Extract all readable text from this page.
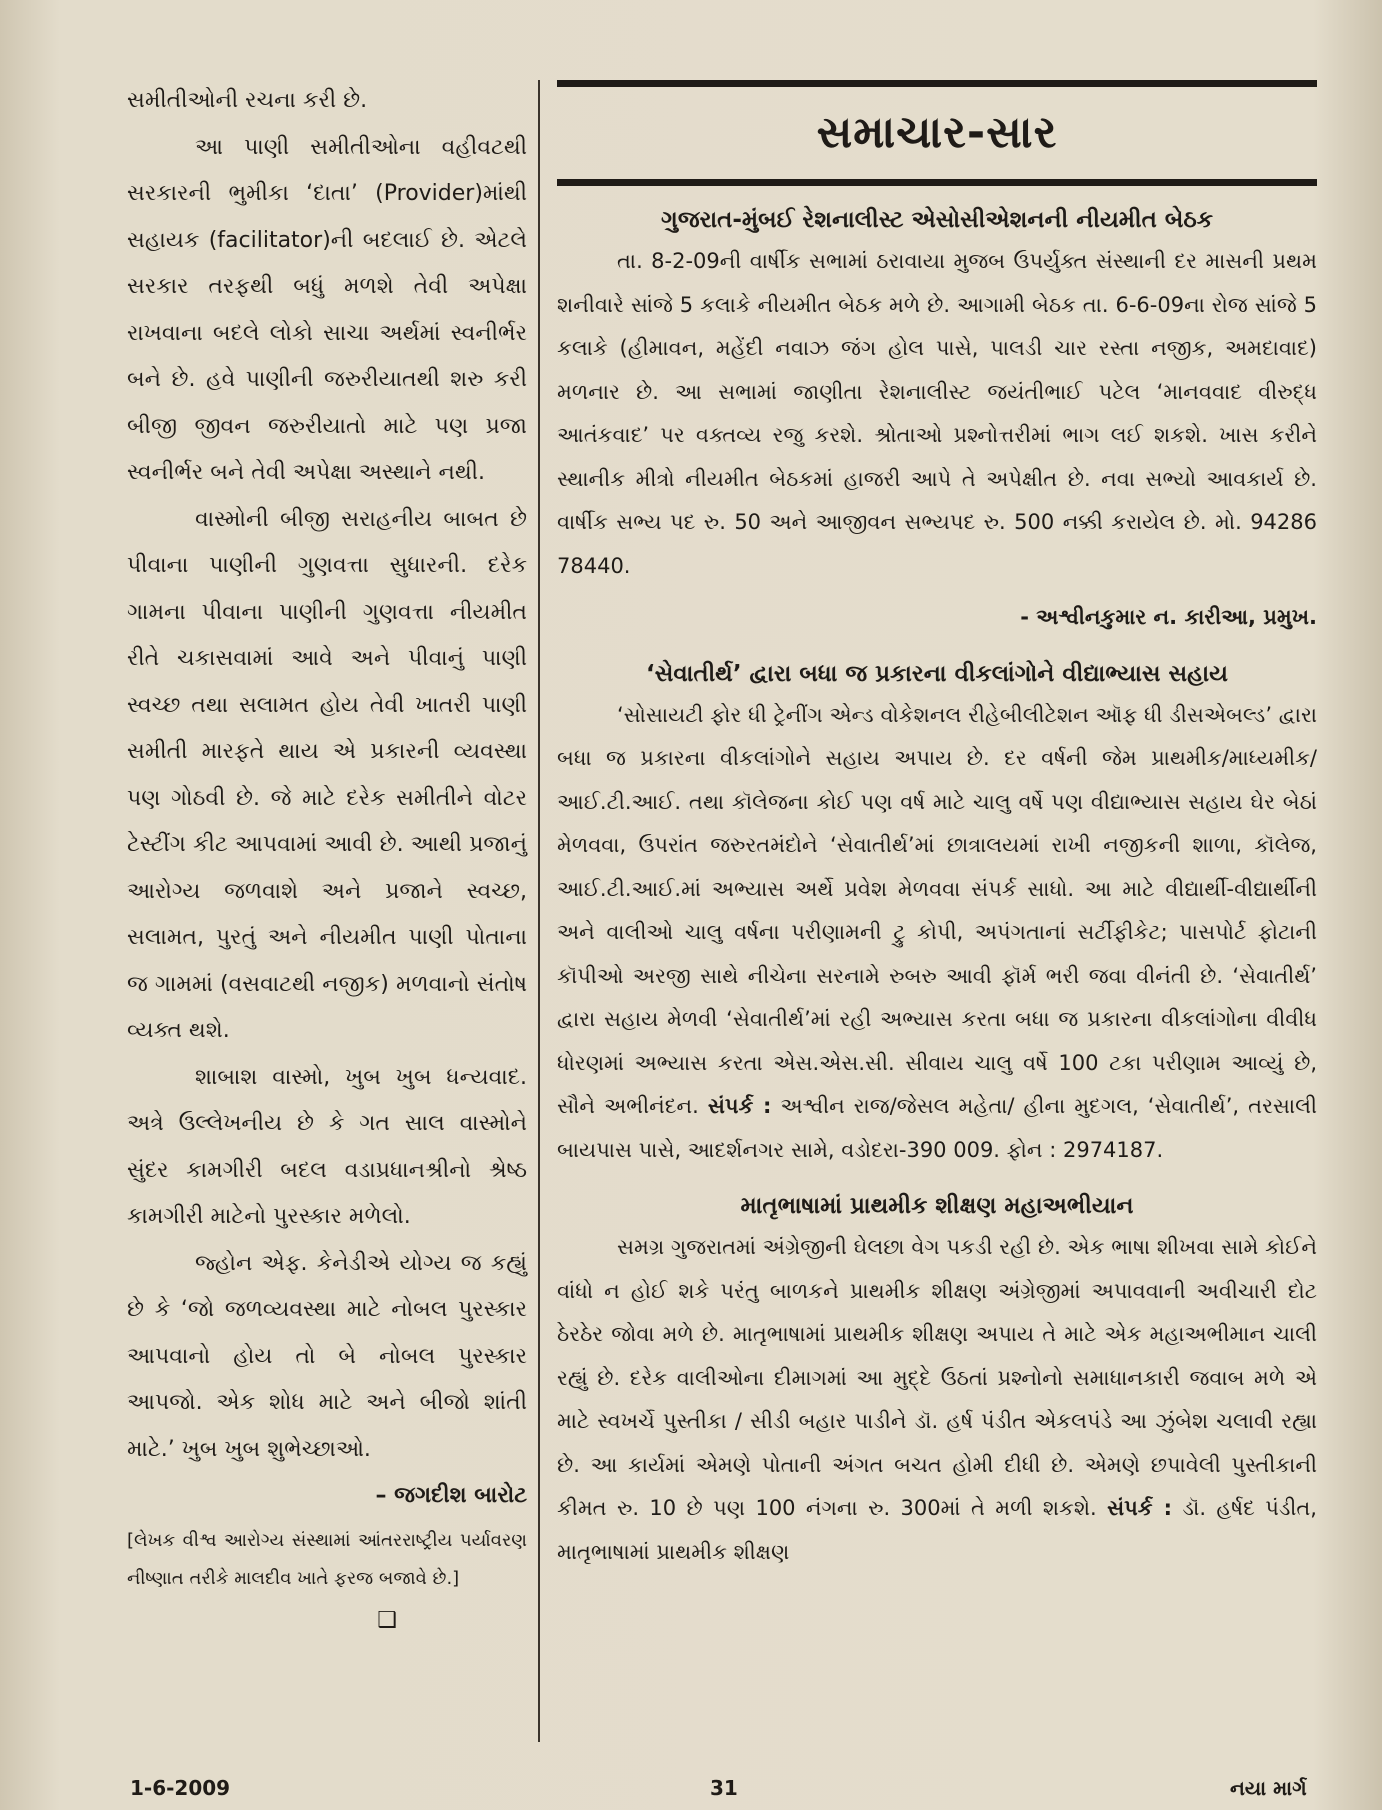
સમીતીઓની રચના કરી છે.

આ પાણી સમીતીઓના વહીવટથી સરકારની ભુમીકા ‘દાતા’ (Provider)માંથી સહાયક (facilitator)ની બદલાઈ છે. એટલે સરકાર તરફથી બધું મળશે તેવી અપેક્ષા રાખવાના બદલે લોકો સાચા અર્થમાં સ્વનીર્ભર બને છે. હવે પાણીની જરુરીયાતથી શરુ કરી બીજી જીવન જરુરીયાતો માટે પણ પ્રજા સ્વનીર્ભર બને તેવી અપેક્ષા અસ્થાને નથી.

વાસ્મોની બીજી સરાહનીય બાબત છે પીવાના પાણીની ગુણવત્તા સુધારની. દરેક ગામના પીવાના પાણીની ગુણવત્તા નીયમીત રીતે ચકાસવામાં આવે અને પીવાનું પાણી સ્વચ્છ તથા સલામત હોય તેવી ખાતરી પાણી સમીતી મારફતે થાય એ પ્રકારની વ્યવસ્થા પણ ગોઠવી છે. જે માટે દરેક સમીતીને વોટર ટેસ્ટીંગ કીટ આપવામાં આવી છે. આથી પ્રજાનું આરોગ્ય જળવાશે અને પ્રજાને સ્વચ્છ, સલામત, પુરતું અને નીયમીત પાણી પોતાના જ ગામમાં (વસવાટથી નજીક) મળવાનો સંતોષ વ્યક્ત થશે.

શાબાશ વાસ્મો, ખુબ ખુબ ધન્યવાદ. અત્રે ઉલ્લેખનીય છે કે ગત સાલ વાસ્મોને સુંદર કામગીરી બદલ વડાપ્રધાનશ્રીનો શ્રેષ્ઠ કામગીરી માટેનો પુરસ્કાર મળેલો.

જ્હોન એફ. કેનેડીએ યોગ્ય જ કહ્યું છે કે ‘જો જળવ્યવસ્થા માટે નોબલ પુરસ્કાર આપવાનો હોય તો બે નોબલ પુરસ્કાર આપજો. એક શોધ માટે અને બીજો શાંતી માટે.’ ખુબ ખુબ શુભેચ્છાઓ.

– જગદીશ બારોટ

[લેખક વીશ્વ આરોગ્ય સંસ્થામાં આંતરરાષ્ટ્રીય પર્યાવરણ નીષ્ણાત તરીકે માલદીવ ખાતે ફરજ બજાવે છે.]

❑

સમાચાર-સાર
ગુજરાત-મુંબઈ રેશનાલીસ્ટ એસોસીએશનની નીયમીત બેઠક

તા. 8-2-09ની વાર્ષીક સભામાં ઠરાવાયા મુજબ ઉપર્યુક્ત સંસ્થાની દર માસની પ્રથમ શનીવારે સાંજે 5 કલાકે નીયમીત બેઠક મળે છે. આગામી બેઠક તા. 6-6-09ના રોજ સાંજે 5 કલાકે (હીમાવન, મહેંદી નવાઝ જંગ હોલ પાસે, પાલડી ચાર રસ્તા નજીક, અમદાવાદ) મળનાર છે. આ સભામાં જાણીતા રેશનાલીસ્ટ જયંતીભાઈ પટેલ ‘માનવવાદ વીરુદ્ધ આતંકવાદ’ પર વક્તવ્ય રજુ કરશે. શ્રોતાઓ પ્રશ્નોત્તરીમાં ભાગ લઈ શકશે. ખાસ કરીને સ્થાનીક મીત્રો નીયમીત બેઠકમાં હાજરી આપે તે અપેક્ષીત છે. નવા સભ્યો આવકાર્ય છે. વાર્ષીક સભ્ય પદ રુ. 50 અને આજીવન સભ્યપદ રુ. 500 નક્કી કરાયેલ છે. મો. 94286 78440.

- અશ્વીનકુમાર ન. કારીઆ, પ્રમુખ.

‘સેવાતીર્થ’ દ્વારા બધા જ પ્રકારના વીકલાંગોને વીદ્યાભ્યાસ સહાય

‘સોસાયટી ફોર ધી ટ્રેનીંગ એન્ડ વોકેશનલ રીહેબીલીટેશન ઑફ ધી ડીસએબલ્ડ’ દ્વારા બધા જ પ્રકારના વીકલાંગોને સહાય અપાય છે. દર વર્ષની જેમ પ્રાથમીક/માધ્યમીક/આઈ.ટી.આઈ. તથા કૉલેજના કોઈ પણ વર્ષ માટે ચાલુ વર્ષે પણ વીદ્યાભ્યાસ સહાય ઘેર બેઠાં મેળવવા, ઉપરાંત જરુરતમંદોને ‘સેવાતીર્થ’માં છાત્રાલયમાં રાખી નજીકની શાળા, કૉલેજ, આઈ.ટી.આઈ.માં અભ્યાસ અર્થે પ્રવેશ મેળવવા સંપર્ક સાધો. આ માટે વીદ્યાર્થી-વીદ્યાર્થીની અને વાલીઓ ચાલુ વર્ષના પરીણામની ટ્રુ કોપી, અપંગતાનાં સર્ટીફીકેટ; પાસપોર્ટ ફોટાની કૉપીઓ અરજી સાથે નીચેના સરનામે રુબરુ આવી ફૉર્મ ભરી જવા વીનંતી છે. ‘સેવાતીર્થ’ દ્વારા સહાય મેળવી ‘સેવાતીર્થ’માં રહી અભ્યાસ કરતા બધા જ પ્રકારના વીકલાંગોના વીવીધ ધોરણમાં અભ્યાસ કરતા એસ.એસ.સી. સીવાય ચાલુ વર્ષે 100 ટકા પરીણામ આવ્યું છે, સૌને અભીનંદન. સંપર્ક : અશ્વીન રાજ/જેસલ મહેતા/ હીના મુદગલ, ‘સેવાતીર્થ’, તરસાલી બાયપાસ પાસે, આદર્શનગર સામે, વડોદરા-390 009. ફોન : 2974187.

માતૃભાષામાં પ્રાથમીક શીક્ષણ મહાઅભીયાન

સમગ્ર ગુજરાતમાં અંગ્રેજીની ઘેલછા વેગ પકડી રહી છે. એક ભાષા શીખવા સામે કોઈને વાંધો ન હોઈ શકે પરંતુ બાળકને પ્રાથમીક શીક્ષણ અંગ્રેજીમાં અપાવવાની અવીચારી દોટ ઠેરઠેર જોવા મળે છે. માતૃભાષામાં પ્રાથમીક શીક્ષણ અપાય તે માટે એક મહાઅભીમાન ચાલી રહ્યું છે. દરેક વાલીઓના દીમાગમાં આ મુદ્દે ઉઠતાં પ્રશ્નોનો સમાધાનકારી જવાબ મળે એ માટે સ્વખર્ચે પુસ્તીકા / સીડી બહાર પાડીને ડૉ. હર્ષ પંડીત એકલપંડે આ ઝુંબેશ ચલાવી રહ્યા છે. આ કાર્યમાં એમણે પોતાની અંગત બચત હોમી દીધી છે. એમણે છપાવેલી પુસ્તીકાની કીમત રુ. 10 છે પણ 100 નંગના રુ. 300માં તે મળી શકશે. સંપર્ક : ડૉ. હર્ષદ પંડીત, માતૃભાષામાં પ્રાથમીક શીક્ષણ

1-6-2009	31	નયા માર્ગ
